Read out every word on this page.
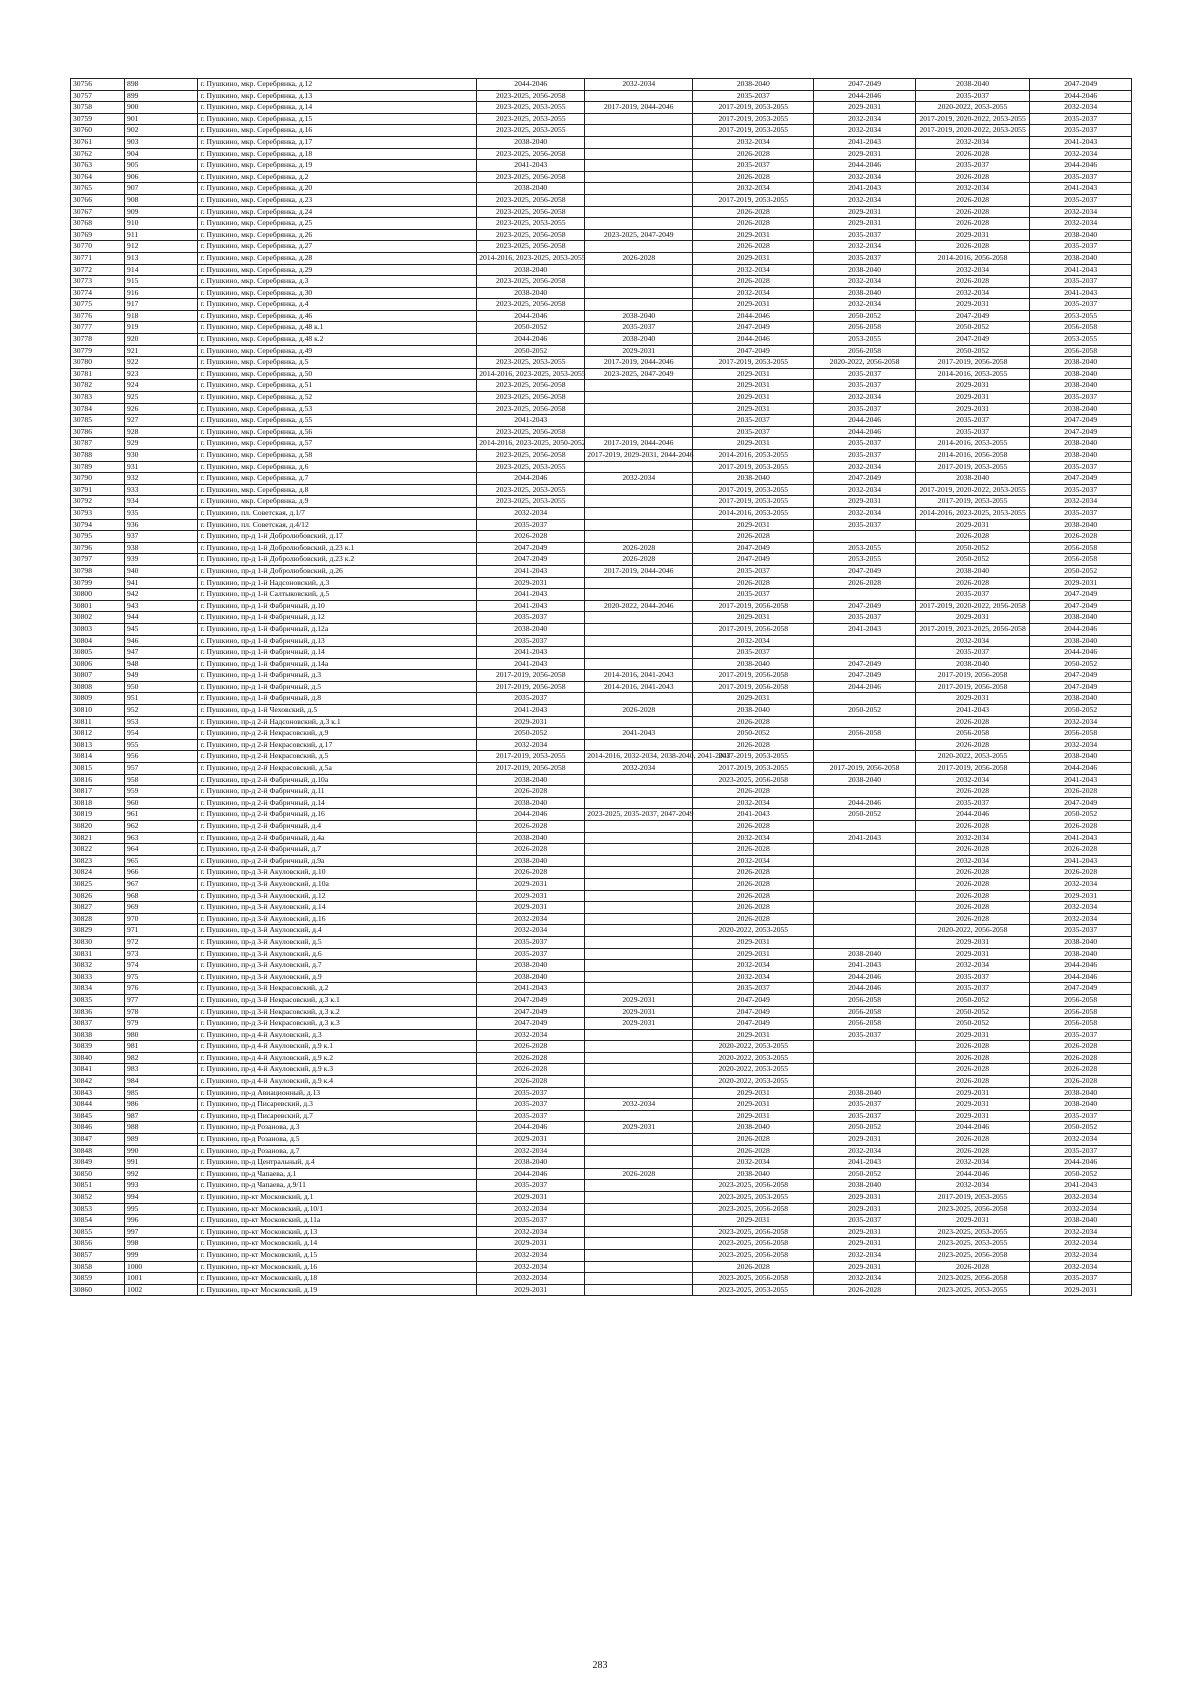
30756	898	г. Пушкино, мкр. Серебрянка, д.12	2044-2046	2032-2034	2038-2040	2047-2049	2038-2040	2047-2049
30757	899	г. Пушкино, мкр. Серебрянка, д.13	2023-2025, 2056-2058		2035-2037	2044-2046	2035-2037	2044-2046
30758	900	г. Пушкино, мкр. Серебрянка, д.14	2023-2025, 2053-2055	2017-2019, 2044-2046	2017-2019, 2053-2055	2029-2031	2020-2022, 2053-2055	2032-2034
30759	901	г. Пушкино, мкр. Серебрянка, д.15	2023-2025, 2053-2055		2017-2019, 2053-2055	2032-2034	2017-2019, 2020-2022, 2053-2055	2035-2037
30760	902	г. Пушкино, мкр. Серебрянка, д.16	2023-2025, 2053-2055		2017-2019, 2053-2055	2032-2034	2017-2019, 2020-2022, 2053-2055	2035-2037
30761	903	г. Пушкино, мкр. Серебрянка, д.17	2038-2040		2032-2034	2041-2043	2032-2034	2041-2043
30762	904	г. Пушкино, мкр. Серебрянка, д.18	2023-2025, 2056-2058		2026-2028	2029-2031	2026-2028	2032-2034
30763	905	г. Пушкино, мкр. Серебрянка, д.19	2041-2043		2035-2037	2044-2046	2035-2037	2044-2046
30764	906	г. Пушкино, мкр. Серебрянка, д.2	2023-2025, 2056-2058		2026-2028	2032-2034	2026-2028	2035-2037
30765	907	г. Пушкино, мкр. Серебрянка, д.20	2038-2040		2032-2034	2041-2043	2032-2034	2041-2043
30766	908	г. Пушкино, мкр. Серебрянка, д.23	2023-2025, 2056-2058		2017-2019, 2053-2055	2032-2034	2026-2028	2035-2037
30767	909	г. Пушкино, мкр. Серебрянка, д.24	2023-2025, 2056-2058		2026-2028	2029-2031	2026-2028	2032-2034
30768	910	г. Пушкино, мкр. Серебрянка, д.25	2023-2025, 2053-2055		2026-2028	2029-2031	2026-2028	2032-2034
30769	911	г. Пушкино, мкр. Серебрянка, д.26	2023-2025, 2056-2058	2023-2025, 2047-2049	2029-2031	2035-2037	2029-2031	2038-2040
30770	912	г. Пушкино, мкр. Серебрянка, д.27	2023-2025, 2056-2058		2026-2028	2032-2034	2026-2028	2035-2037
30771	913	г. Пушкино, мкр. Серебрянка, д.28	2014-2016, 2023-2025, 2053-2055	2026-2028	2029-2031	2035-2037	2014-2016, 2056-2058	2038-2040
30772	914	г. Пушкино, мкр. Серебрянка, д.29	2038-2040		2032-2034	2038-2040	2032-2034	2041-2043
30773	915	г. Пушкино, мкр. Серебрянка, д.3	2023-2025, 2056-2058		2026-2028	2032-2034	2026-2028	2035-2037
30774	916	г. Пушкино, мкр. Серебрянка, д.30	2038-2040		2032-2034	2038-2040	2032-2034	2041-2043
30775	917	г. Пушкино, мкр. Серебрянка, д.4	2023-2025, 2056-2058		2029-2031	2032-2034	2029-2031	2035-2037
30776	918	г. Пушкино, мкр. Серебрянка, д.46	2044-2046	2038-2040	2044-2046	2050-2052	2047-2049	2053-2055
30777	919	г. Пушкино, мкр. Серебрянка, д.48 к.1	2050-2052	2035-2037	2047-2049	2056-2058	2050-2052	2056-2058
30778	920	г. Пушкино, мкр. Серебрянка, д.48 к.2	2044-2046	2038-2040	2044-2046	2053-2055	2047-2049	2053-2055
30779	921	г. Пушкино, мкр. Серебрянка, д.49	2050-2052	2029-2031	2047-2049	2056-2058	2050-2052	2056-2058
30780	922	г. Пушкино, мкр. Серебрянка, д.5	2023-2025, 2053-2055	2017-2019, 2044-2046	2017-2019, 2053-2055	2020-2022, 2056-2058	2017-2019, 2056-2058	2038-2040
30781	923	г. Пушкино, мкр. Серебрянка, д.50	2014-2016, 2023-2025, 2053-2055	2023-2025, 2047-2049	2029-2031	2035-2037	2014-2016, 2053-2055	2038-2040
30782	924	г. Пушкино, мкр. Серебрянка, д.51	2023-2025, 2056-2058		2029-2031	2035-2037	2029-2031	2038-2040
30783	925	г. Пушкино, мкр. Серебрянка, д.52	2023-2025, 2056-2058		2029-2031	2032-2034	2029-2031	2035-2037
30784	926	г. Пушкино, мкр. Серебрянка, д.53	2023-2025, 2056-2058		2029-2031	2035-2037	2029-2031	2038-2040
30785	927	г. Пушкино, мкр. Серебрянка, д.55	2041-2043		2035-2037	2044-2046	2035-2037	2047-2049
30786	928	г. Пушкино, мкр. Серебрянка, д.56	2023-2025, 2056-2058		2035-2037	2044-2046	2035-2037	2047-2049
30787	929	г. Пушкино, мкр. Серебрянка, д.57	2014-2016, 2023-2025, 2050-2052	2017-2019, 2044-2046	2029-2031	2035-2037	2014-2016, 2053-2055	2038-2040
30788	930	г. Пушкино, мкр. Серебрянка, д.58	2023-2025, 2056-2058	2017-2019, 2029-2031, 2044-2046	2014-2016, 2053-2055	2035-2037	2014-2016, 2056-2058	2038-2040
30789	931	г. Пушкино, мкр. Серебрянка, д.6	2023-2025, 2053-2055		2017-2019, 2053-2055	2032-2034	2017-2019, 2053-2055	2035-2037
30790	932	г. Пушкино, мкр. Серебрянка, д.7	2044-2046	2032-2034	2038-2040	2047-2049	2038-2040	2047-2049
30791	933	г. Пушкино, мкр. Серебрянка, д.8	2023-2025, 2053-2055		2017-2019, 2053-2055	2032-2034	2017-2019, 2020-2022, 2053-2055	2035-2037
30792	934	г. Пушкино, мкр. Серебрянка, д.9	2023-2025, 2053-2055		2017-2019, 2053-2055	2029-2031	2017-2019, 2053-2055	2032-2034
30793	935	г. Пушкино, пл. Советская, д.1/7	2032-2034		2014-2016, 2053-2055	2032-2034	2014-2016, 2023-2025, 2053-2055	2035-2037
30794	936	г. Пушкино, пл. Советская, д.4/12	2035-2037		2029-2031	2035-2037	2029-2031	2038-2040
30795	937	г. Пушкино, пр-д 1-й Добролюбовский, д.17	2026-2028		2026-2028		2026-2028	2026-2028
30796	938	г. Пушкино, пр-д 1-й Добролюбовский, д.23 к.1	2047-2049	2026-2028	2047-2049	2053-2055	2050-2052	2056-2058
30797	939	г. Пушкино, пр-д 1-й Добролюбовский, д.23 к.2	2047-2049	2026-2028	2047-2049	2053-2055	2050-2052	2056-2058
30798	940	г. Пушкино, пр-д 1-й Добролюбовский, д.26	2041-2043	2017-2019, 2044-2046	2035-2037	2047-2049	2038-2040	2050-2052
30799	941	г. Пушкино, пр-д 1-й Надсоновский, д.3	2029-2031		2026-2028	2026-2028	2026-2028	2029-2031
30800	942	г. Пушкино, пр-д 1-й Салтыковский, д.5	2041-2043		2035-2037		2035-2037	2047-2049
30801	943	г. Пушкино, пр-д 1-й Фабричный, д.10	2041-2043	2020-2022, 2044-2046	2017-2019, 2056-2058	2047-2049	2017-2019, 2020-2022, 2056-2058	2047-2049
30802	944	г. Пушкино, пр-д 1-й Фабричный, д.12	2035-2037		2029-2031	2035-2037	2029-2031	2038-2040
30803	945	г. Пушкино, пр-д 1-й Фабричный, д.12а	2038-2040		2017-2019, 2056-2058	2041-2043	2017-2019, 2023-2025, 2056-2058	2044-2046
30804	946	г. Пушкино, пр-д 1-й Фабричный, д.13	2035-2037		2032-2034		2032-2034	2038-2040
30805	947	г. Пушкино, пр-д 1-й Фабричный, д.14	2041-2043		2035-2037		2035-2037	2044-2046
30806	948	г. Пушкино, пр-д 1-й Фабричный, д.14а	2041-2043		2038-2040	2047-2049	2038-2040	2050-2052
30807	949	г. Пушкино, пр-д 1-й Фабричный, д.3	2017-2019, 2056-2058	2014-2016, 2041-2043	2017-2019, 2056-2058	2047-2049	2017-2019, 2056-2058	2047-2049
30808	950	г. Пушкино, пр-д 1-й Фабричный, д.5	2017-2019, 2056-2058	2014-2016, 2041-2043	2017-2019, 2056-2058	2044-2046	2017-2019, 2056-2058	2047-2049
30809	951	г. Пушкино, пр-д 1-й Фабричный, д.8	2035-2037		2029-2031		2029-2031	2038-2040
30810	952	г. Пушкино, пр-д 1-й Чеховский, д.5	2041-2043	2026-2028	2038-2040	2050-2052	2041-2043	2050-2052
30811	953	г. Пушкино, пр-д 2-й Надсоновский, д.3 к.1	2029-2031		2026-2028		2026-2028	2032-2034
30812	954	г. Пушкино, пр-д 2-й Некрасовский, д.9	2050-2052	2041-2043	2050-2052	2056-2058	2056-2058	2056-2058
30813	955	г. Пушкино, пр-д 2-й Некрасовский, д.17	2032-2034		2026-2028		2026-2028	2032-2034
30814	956	г. Пушкино, пр-д 2-й Некрасовский, д.5	2017-2019, 2053-2055	2014-2016, 2032-2034, 2038-2040, 2041-2043	2017-2019, 2053-2055		2020-2022, 2053-2055	2038-2040
30815	957	г. Пушкино, пр-д 2-й Некрасовский, д.5а	2017-2019, 2056-2058	2032-2034	2017-2019, 2053-2055	2017-2019, 2056-2058	2017-2019, 2056-2058	2044-2046
30816	958	г. Пушкино, пр-д 2-й Фабричный, д.10а	2038-2040		2023-2025, 2056-2058	2038-2040	2032-2034	2041-2043
30817	959	г. Пушкино, пр-д 2-й Фабричный, д.11	2026-2028		2026-2028		2026-2028	2026-2028
30818	960	г. Пушкино, пр-д 2-й Фабричный, д.14	2038-2040		2032-2034	2044-2046	2035-2037	2047-2049
30819	961	г. Пушкино, пр-д 2-й Фабричный, д.16	2044-2046	2023-2025, 2035-2037, 2047-2049	2041-2043	2050-2052	2044-2046	2050-2052
30820	962	г. Пушкино, пр-д 2-й Фабричный, д.4	2026-2028		2026-2028		2026-2028	2026-2028
30821	963	г. Пушкино, пр-д 2-й Фабричный, д.4а	2038-2040		2032-2034	2041-2043	2032-2034	2041-2043
30822	964	г. Пушкино, пр-д 2-й Фабричный, д.7	2026-2028		2026-2028		2026-2028	2026-2028
30823	965	г. Пушкино, пр-д 2-й Фабричный, д.9а	2038-2040		2032-2034		2032-2034	2041-2043
30824	966	г. Пушкино, пр-д 3-й Акуловский, д.10	2026-2028		2026-2028		2026-2028	2026-2028
30825	967	г. Пушкино, пр-д 3-й Акуловский, д.10а	2029-2031		2026-2028		2026-2028	2032-2034
30826	968	г. Пушкино, пр-д 3-й Акуловский, д.12	2029-2031		2026-2028		2026-2028	2029-2031
30827	969	г. Пушкино, пр-д 3-й Акуловский, д.14	2029-2031		2026-2028		2026-2028	2032-2034
30828	970	г. Пушкино, пр-д 3-й Акуловский, д.16	2032-2034		2026-2028		2026-2028	2032-2034
30829	971	г. Пушкино, пр-д 3-й Акуловский, д.4	2032-2034		2020-2022, 2053-2055		2020-2022, 2056-2058	2035-2037
30830	972	г. Пушкино, пр-д 3-й Акуловский, д.5	2035-2037		2029-2031		2029-2031	2038-2040
30831	973	г. Пушкино, пр-д 3-й Акуловский, д.6	2035-2037		2029-2031	2038-2040	2029-2031	2038-2040
30832	974	г. Пушкино, пр-д 3-й Акуловский, д.7	2038-2040		2032-2034	2041-2043	2032-2034	2044-2046
30833	975	г. Пушкино, пр-д 3-й Акуловский, д.9	2038-2040		2032-2034	2044-2046	2035-2037	2044-2046
30834	976	г. Пушкино, пр-д 3-й Некрасовский, д.2	2041-2043		2035-2037	2044-2046	2035-2037	2047-2049
30835	977	г. Пушкино, пр-д 3-й Некрасовский, д.3 к.1	2047-2049	2029-2031	2047-2049	2056-2058	2050-2052	2056-2058
30836	978	г. Пушкино, пр-д 3-й Некрасовский, д.3 к.2	2047-2049	2029-2031	2047-2049	2056-2058	2050-2052	2056-2058
30837	979	г. Пушкино, пр-д 3-й Некрасовский, д.3 к.3	2047-2049	2029-2031	2047-2049	2056-2058	2050-2052	2056-2058
30838	980	г. Пушкино, пр-д 4-й Акуловский, д.3	2032-2034		2029-2031	2035-2037	2029-2031	2035-2037
30839	981	г. Пушкино, пр-д 4-й Акуловский, д.9 к.1	2026-2028		2020-2022, 2053-2055		2026-2028	2026-2028
30840	982	г. Пушкино, пр-д 4-й Акуловский, д.9 к.2	2026-2028		2020-2022, 2053-2055		2026-2028	2026-2028
30841	983	г. Пушкино, пр-д 4-й Акуловский, д.9 к.3	2026-2028		2020-2022, 2053-2055		2026-2028	2026-2028
30842	984	г. Пушкино, пр-д 4-й Акуловский, д.9 к.4	2026-2028		2020-2022, 2053-2055		2026-2028	2026-2028
30843	985	г. Пушкино, пр-д Авиационный, д.13	2035-2037		2029-2031	2038-2040	2029-2031	2038-2040
30844	986	г. Пушкино, пр-д Писаревский, д.3	2035-2037	2032-2034	2029-2031	2035-2037	2029-2031	2038-2040
30845	987	г. Пушкино, пр-д Писаревский, д.7	2035-2037		2029-2031	2035-2037	2029-2031	2035-2037
30846	988	г. Пушкино, пр-д Розанова, д.3	2044-2046	2029-2031	2038-2040	2050-2052	2044-2046	2050-2052
30847	989	г. Пушкино, пр-д Розанова, д.5	2029-2031		2026-2028	2029-2031	2026-2028	2032-2034
30848	990	г. Пушкино, пр-д Розанова, д.7	2032-2034		2026-2028	2032-2034	2026-2028	2035-2037
30849	991	г. Пушкино, пр-д Центральный, д.4	2038-2040		2032-2034	2041-2043	2032-2034	2044-2046
30850	992	г. Пушкино, пр-д Чапаева, д.1	2044-2046	2026-2028	2038-2040	2050-2052	2044-2046	2050-2052
30851	993	г. Пушкино, пр-д Чапаева, д.9/11	2035-2037		2023-2025, 2056-2058	2038-2040	2032-2034	2041-2043
30852	994	г. Пушкино, пр-кт Московский, д.1	2029-2031		2023-2025, 2053-2055	2029-2031	2017-2019, 2053-2055	2032-2034
30853	995	г. Пушкино, пр-кт Московский, д.10/1	2032-2034		2023-2025, 2056-2058	2029-2031	2023-2025, 2056-2058	2032-2034
30854	996	г. Пушкино, пр-кт Московский, д.11а	2035-2037		2029-2031	2035-2037	2029-2031	2038-2040
30855	997	г. Пушкино, пр-кт Московский, д.13	2032-2034		2023-2025, 2056-2058	2029-2031	2023-2025, 2053-2055	2032-2034
30856	998	г. Пушкино, пр-кт Московский, д.14	2029-2031		2023-2025, 2056-2058	2029-2031	2023-2025, 2053-2055	2032-2034
30857	999	г. Пушкино, пр-кт Московский, д.15	2032-2034		2023-2025, 2056-2058	2032-2034	2023-2025, 2056-2058	2032-2034
30858	1000	г. Пушкино, пр-кт Московский, д.16	2032-2034		2026-2028	2029-2031	2026-2028	2032-2034
30859	1001	г. Пушкино, пр-кт Московский, д.18	2032-2034		2023-2025, 2056-2058	2032-2034	2023-2025, 2056-2058	2035-2037
30860	1002	г. Пушкино, пр-кт Московский, д.19	2029-2031		2023-2025, 2053-2055	2026-2028	2023-2025, 2053-2055	2029-2031
283
